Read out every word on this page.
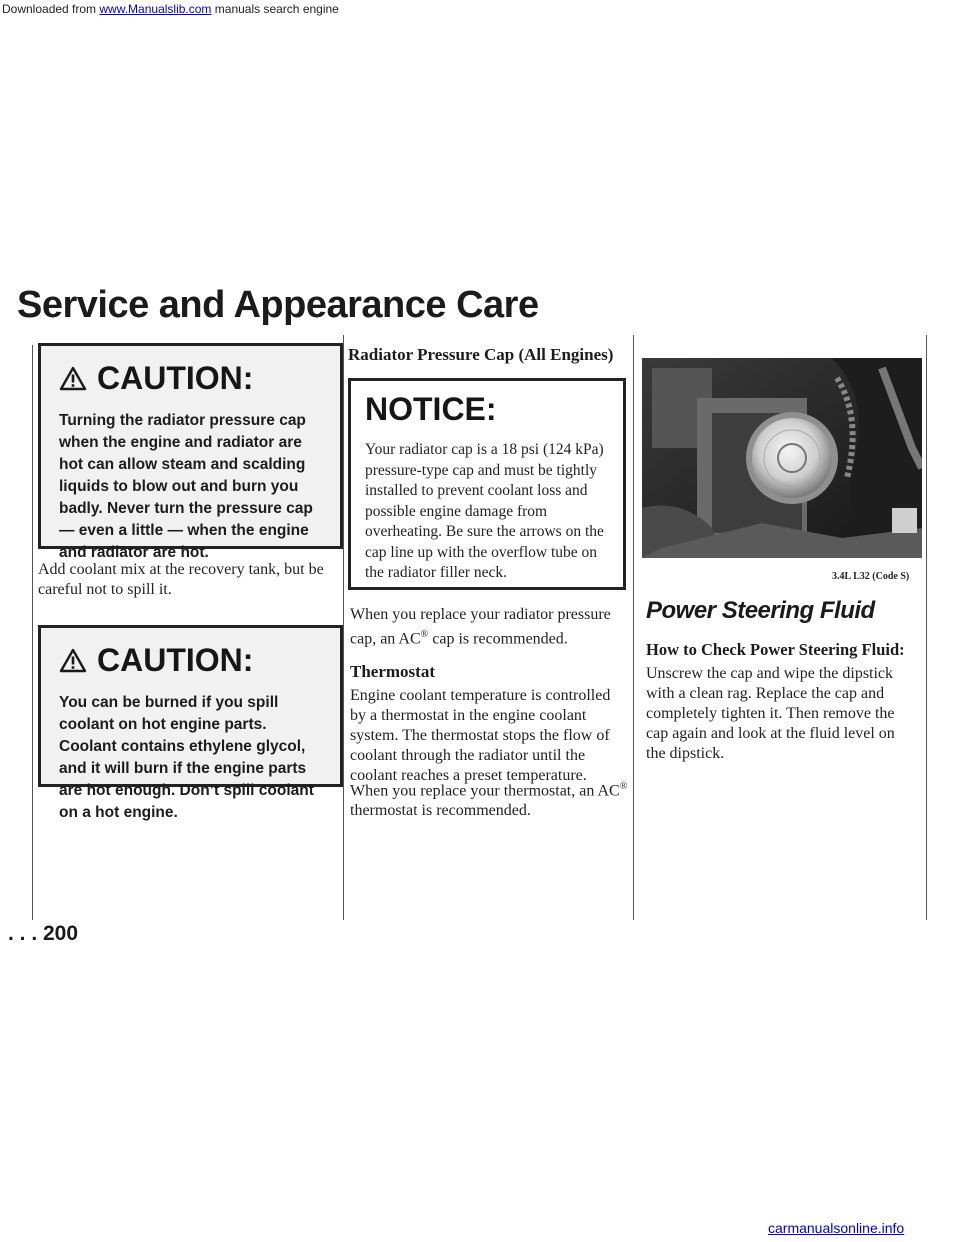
Downloaded from www.Manualslib.com manuals search engine
Service and Appearance Care
CAUTION:
Turning the radiator pressure cap when the engine and radiator are hot can allow steam and scalding liquids to blow out and burn you badly. Never turn the pressure cap — even a little — when the engine and radiator are hot.
Add coolant mix at the recovery tank, but be careful not to spill it.
CAUTION:
You can be burned if you spill coolant on hot engine parts. Coolant contains ethylene glycol, and it will burn if the engine parts are hot enough. Don’t spill coolant on a hot engine.
Radiator Pressure Cap (All Engines)
NOTICE:
Your radiator cap is a 18 psi (124 kPa) pressure-type cap and must be tightly installed to prevent coolant loss and possible engine damage from overheating. Be sure the arrows on the cap line up with the overflow tube on the radiator filler neck.
When you replace your radiator pressure cap, an AC® cap is recommended.
Thermostat
Engine coolant temperature is controlled by a thermostat in the engine coolant system. The thermostat stops the flow of coolant through the radiator until the coolant reaches a preset temperature.
When you replace your thermostat, an AC® thermostat is recommended.
3.4L L32 (Code S)
Power Steering Fluid
How to Check Power Steering Fluid:
Unscrew the cap and wipe the dipstick with a clean rag. Replace the cap and completely tighten it. Then remove the cap again and look at the fluid level on the dipstick.
. . . 200
carmanualsonline.info
